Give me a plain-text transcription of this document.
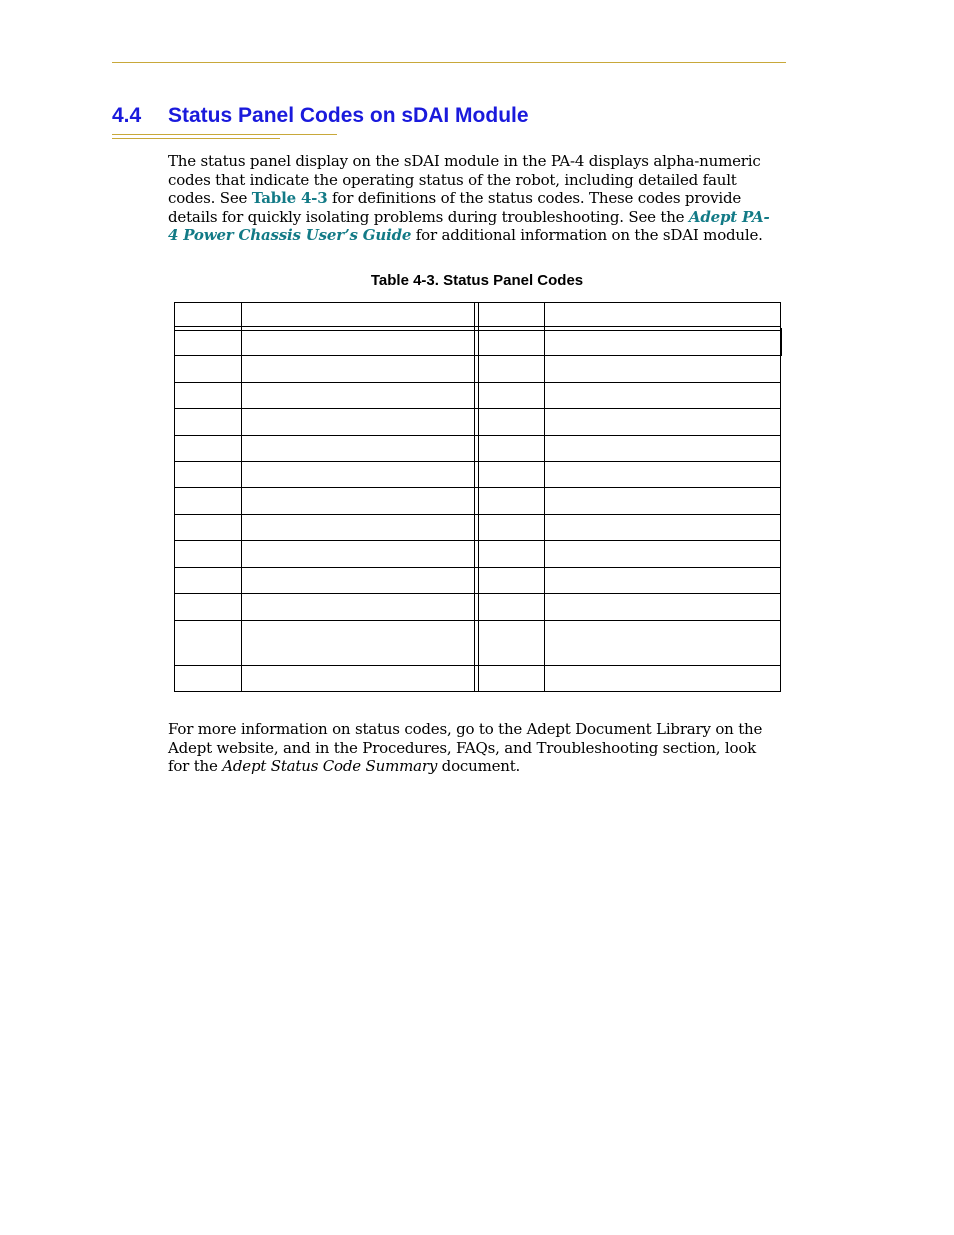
4.4 Status Panel Codes on sDAI Module

The status panel display on the sDAI module in the PA-4 displays alpha-numeric codes that indicate the operating status of the robot, including detailed fault codes. See Table 4-3 for definitions of the status codes. These codes provide details for quickly isolating problems during troubleshooting. See the Adept PA-4 Power Chassis User’s Guide for additional information on the sDAI module.

Table 4-3. Status Panel Codes

For more information on status codes, go to the Adept Document Library on the Adept website, and in the Procedures, FAQs, and Troubleshooting section, look for the Adept Status Code Summary document.
